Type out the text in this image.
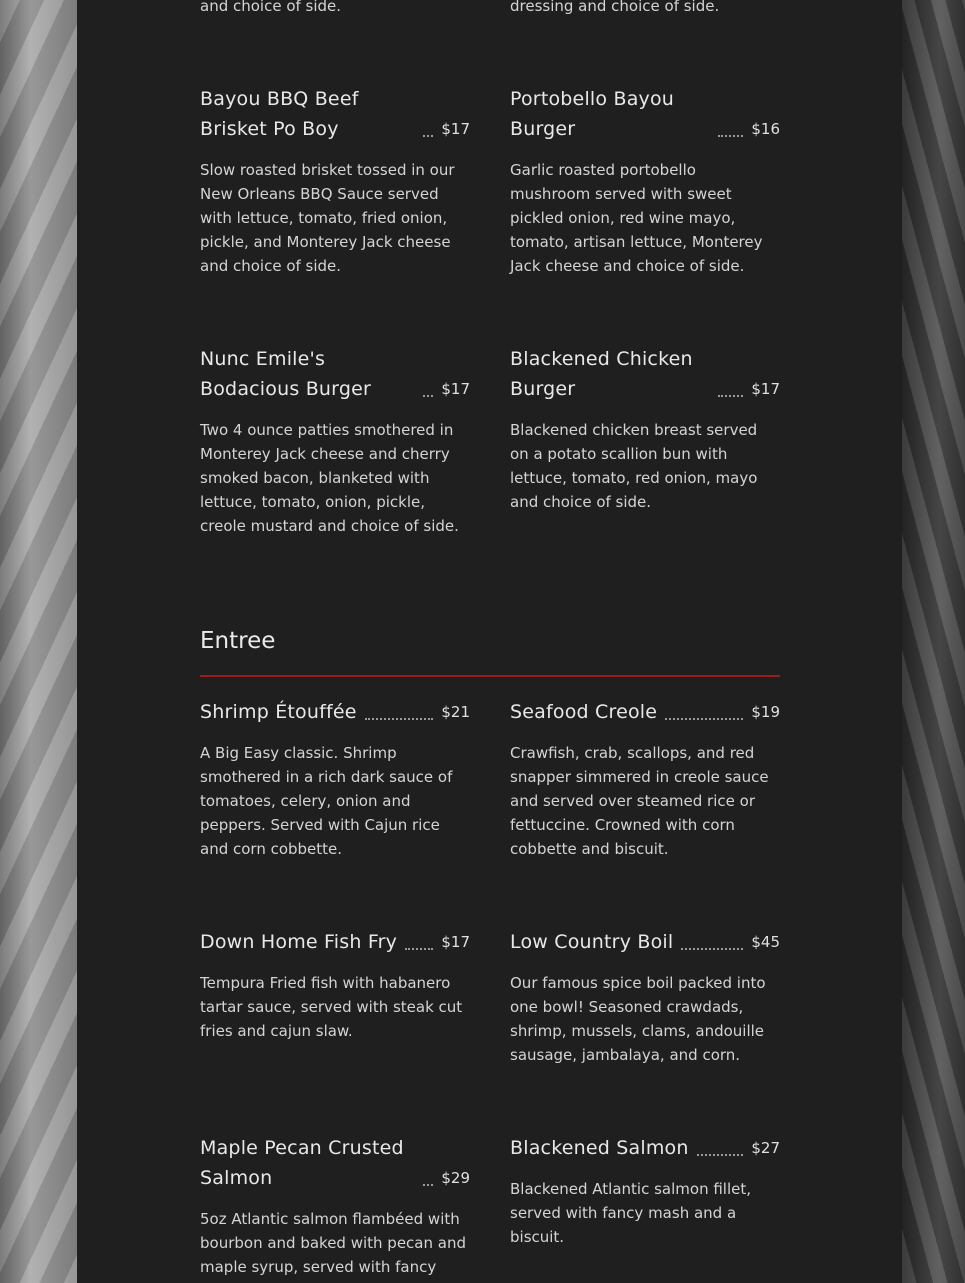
and choice of side.	dressing and choice of side.
Bayou BBQ Beef Brisket Po Boy	$17
Slow roasted brisket tossed in our New Orleans BBQ Sauce served with lettuce, tomato, fried onion, pickle, and Monterey Jack cheese and choice of side.
Portobello Bayou Burger	$16
Garlic roasted portobello mushroom served with sweet pickled onion, red wine mayo, tomato, artisan lettuce, Monterey Jack cheese and choice of side.
Nunc Emile's Bodacious Burger	$17
Two 4 ounce patties smothered in Monterey Jack cheese and cherry smoked bacon, blanketed with lettuce, tomato, onion, pickle, creole mustard and choice of side.
Blackened Chicken Burger	$17
Blackened chicken breast served on a potato scallion bun with lettuce, tomato, red onion, mayo and choice of side.
Entree
Shrimp Étouffée	$21
A Big Easy classic. Shrimp smothered in a rich dark sauce of tomatoes, celery, onion and peppers. Served with Cajun rice and corn cobbette.
Seafood Creole	$19
Crawfish, crab, scallops, and red snapper simmered in creole sauce and served over steamed rice or fettuccine. Crowned with corn cobbette and biscuit.
Down Home Fish Fry	$17
Tempura Fried fish with habanero tartar sauce, served with steak cut fries and cajun slaw.
Low Country Boil	$45
Our famous spice boil packed into one bowl! Seasoned crawdads, shrimp, mussels, clams, andouille sausage, jambalaya, and corn.
Maple Pecan Crusted Salmon	$29
5oz Atlantic salmon flambéed with bourbon and baked with pecan and maple syrup, served with fancy
Blackened Salmon	$27
Blackened Atlantic salmon fillet, served with fancy mash and a biscuit.
